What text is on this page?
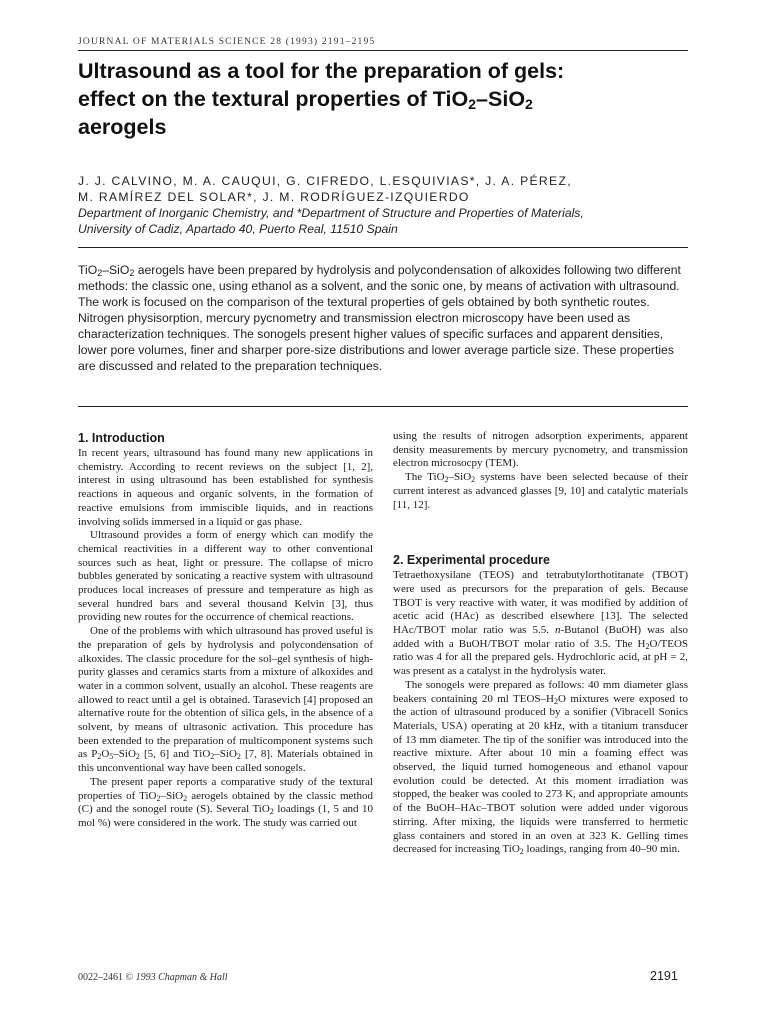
JOURNAL OF MATERIALS SCIENCE 28 (1993) 2191–2195
Ultrasound as a tool for the preparation of gels:
effect on the textural properties of TiO$_2$–SiO$_2$
aerogels
J. J. CALVINO, M. A. CAUQUI, G. CIFREDO, L.ESQUIVIAS*, J. A. PÉREZ,
M. RAMÍREZ DEL SOLAR*, J. M. RODRÍGUEZ-IZQUIERDO
Department of Inorganic Chemistry, and *Department of Structure and Properties of Materials,
University of Cadiz, Apartado 40, Puerto Real, 11510 Spain
TiO$_2$–SiO$_2$ aerogels have been prepared by hydrolysis and polycondensation of alkoxides following two different methods: the classic one, using ethanol as a solvent, and the sonic one, by means of activation with ultrasound. The work is focused on the comparison of the textural properties of gels obtained by both synthetic routes. Nitrogen physisorption, mercury pycnometry and transmission electron microscopy have been used as characterization techniques. The sonogels present higher values of specific surfaces and apparent densities, lower pore volumes, finer and sharper pore-size distributions and lower average particle size. These properties are discussed and related to the preparation techniques.
1. Introduction

In recent years, ultrasound has found many new applications in chemistry. According to recent reviews on the subject [1, 2], interest in using ultrasound has been established for synthesis reactions in aqueous and organic solvents, in the formation of reactive emulsions from immiscible liquids, and in reactions involving solids immersed in a liquid or gas phase.

Ultrasound provides a form of energy which can modify the chemical reactivities in a different way to other conventional sources such as heat, light or pressure. The collapse of micro bubbles generated by sonicating a reactive system with ultrasound produces local increases of pressure and temperature as high as several hundred bars and several thousand Kelvin [3], thus providing new routes for the occurrence of chemical reactions.

One of the problems with which ultrasound has proved useful is the preparation of gels by hydrolysis and polycondensation of alkoxides. The classic procedure for the sol–gel synthesis of high-purity glasses and ceramics starts from a mixture of alkoxides and water in a common solvent, usually an alcohol. These reagents are allowed to react until a gel is obtained. Tarasevich [4] proposed an alternative route for the obtention of silica gels, in the absence of a solvent, by means of ultrasonic activation. This procedure has been extended to the preparation of multicomponent systems such as $P_2O_5-SiO_2$ [5, 6] and TiO$_2$–SiO$_2$ [7, 8]. Materials obtained in this unconventional way have been called sonogels.

The present paper reports a comparative study of the textural properties of TiO$_2$–SiO$_2$ aerogels obtained by the classic method (C) and the sonogel route (S). Several TiO$_2$ loadings (1, 5 and 10 mol %) were considered in the work. The study was carried out

using the results of nitrogen adsorption experiments, apparent density measurements by mercury pycnometry, and transmission electron microsocpy (TEM).

The TiO$_2$–SiO$_2$ systems have been selected because of their current interest as advanced glasses [9, 10] and catalytic materials [11, 12].

2. Experimental procedure

Tetraethoxysilane (TEOS) and tetrabutylorthotitanate (TBOT) were used as precursors for the preparation of gels. Because TBOT is very reactive with water, it was modified by addition of acetic acid (HAc) as described elsewhere [13]. The selected HAc/TBOT molar ratio was 5.5. n-Butanol (BuOH) was also added with a BuOH/TBOT molar ratio of 3.5. The $H_2O$/TEOS ratio was 4 for all the prepared gels. Hydrochloric acid, at pH = 2, was present as a catalyst in the hydrolysis water.

The sonogels were prepared as follows: 40 mm diameter glass beakers containing 20 ml TEOS–$H_2O$ mixtures were exposed to the action of ultrasound produced by a sonifier (Vibracell Sonics Materials, USA) operating at 20 kHz, with a titanium transducer of 13 mm diameter. The tip of the sonifier was introduced into the reactive mixture. After about 10 min a foaming effect was observed, the liquid turned homogeneous and ethanol vapour evolution could be detected. At this moment irradiation was stopped, the beaker was cooled to 273 K, and appropriate amounts of the BuOH–HAc–TBOT solution were added under vigorous stirring. After mixing, the liquids were transferred to hermetic glass containers and stored in an oven at 323 K. Gelling times decreased for increasing TiO$_2$ loadings, ranging from 40–90 min.

0022–2461 © 1993 Chapman & Hall	2191
